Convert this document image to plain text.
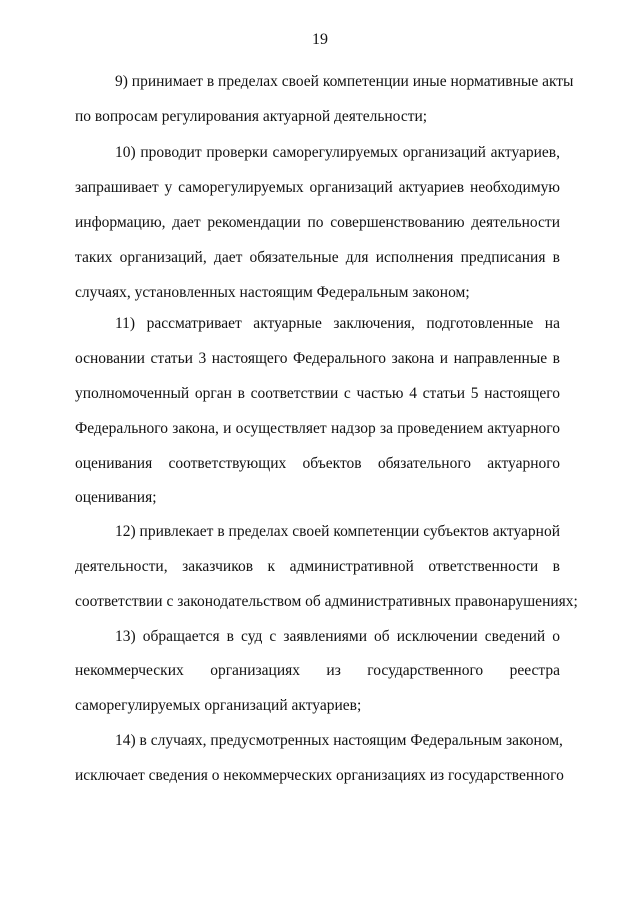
19
9) принимает в пределах своей компетенции иные нормативные акты
по вопросам регулирования актуарной деятельности;
10) проводит проверки саморегулируемых организаций актуариев,
запрашивает у саморегулируемых организаций актуариев необходимую
информацию, дает рекомендации по совершенствованию деятельности
таких организаций, дает обязательные для исполнения предписания в
случаях, установленных настоящим Федеральным законом;
11) рассматривает актуарные заключения, подготовленные на
основании статьи 3 настоящего Федерального закона и направленные в
уполномоченный орган в соответствии с частью 4 статьи 5 настоящего
Федерального закона, и осуществляет надзор за проведением актуарного
оценивания соответствующих объектов обязательного актуарного
оценивания;
12) привлекает в пределах своей компетенции субъектов актуарной
деятельности, заказчиков к административной ответственности в
соответствии с законодательством об административных правонарушениях;
13) обращается в суд с заявлениями об исключении сведений о
некоммерческих организациях из государственного реестра
саморегулируемых организаций актуариев;
14) в случаях, предусмотренных настоящим Федеральным законом,
исключает сведения о некоммерческих организациях из государственного
